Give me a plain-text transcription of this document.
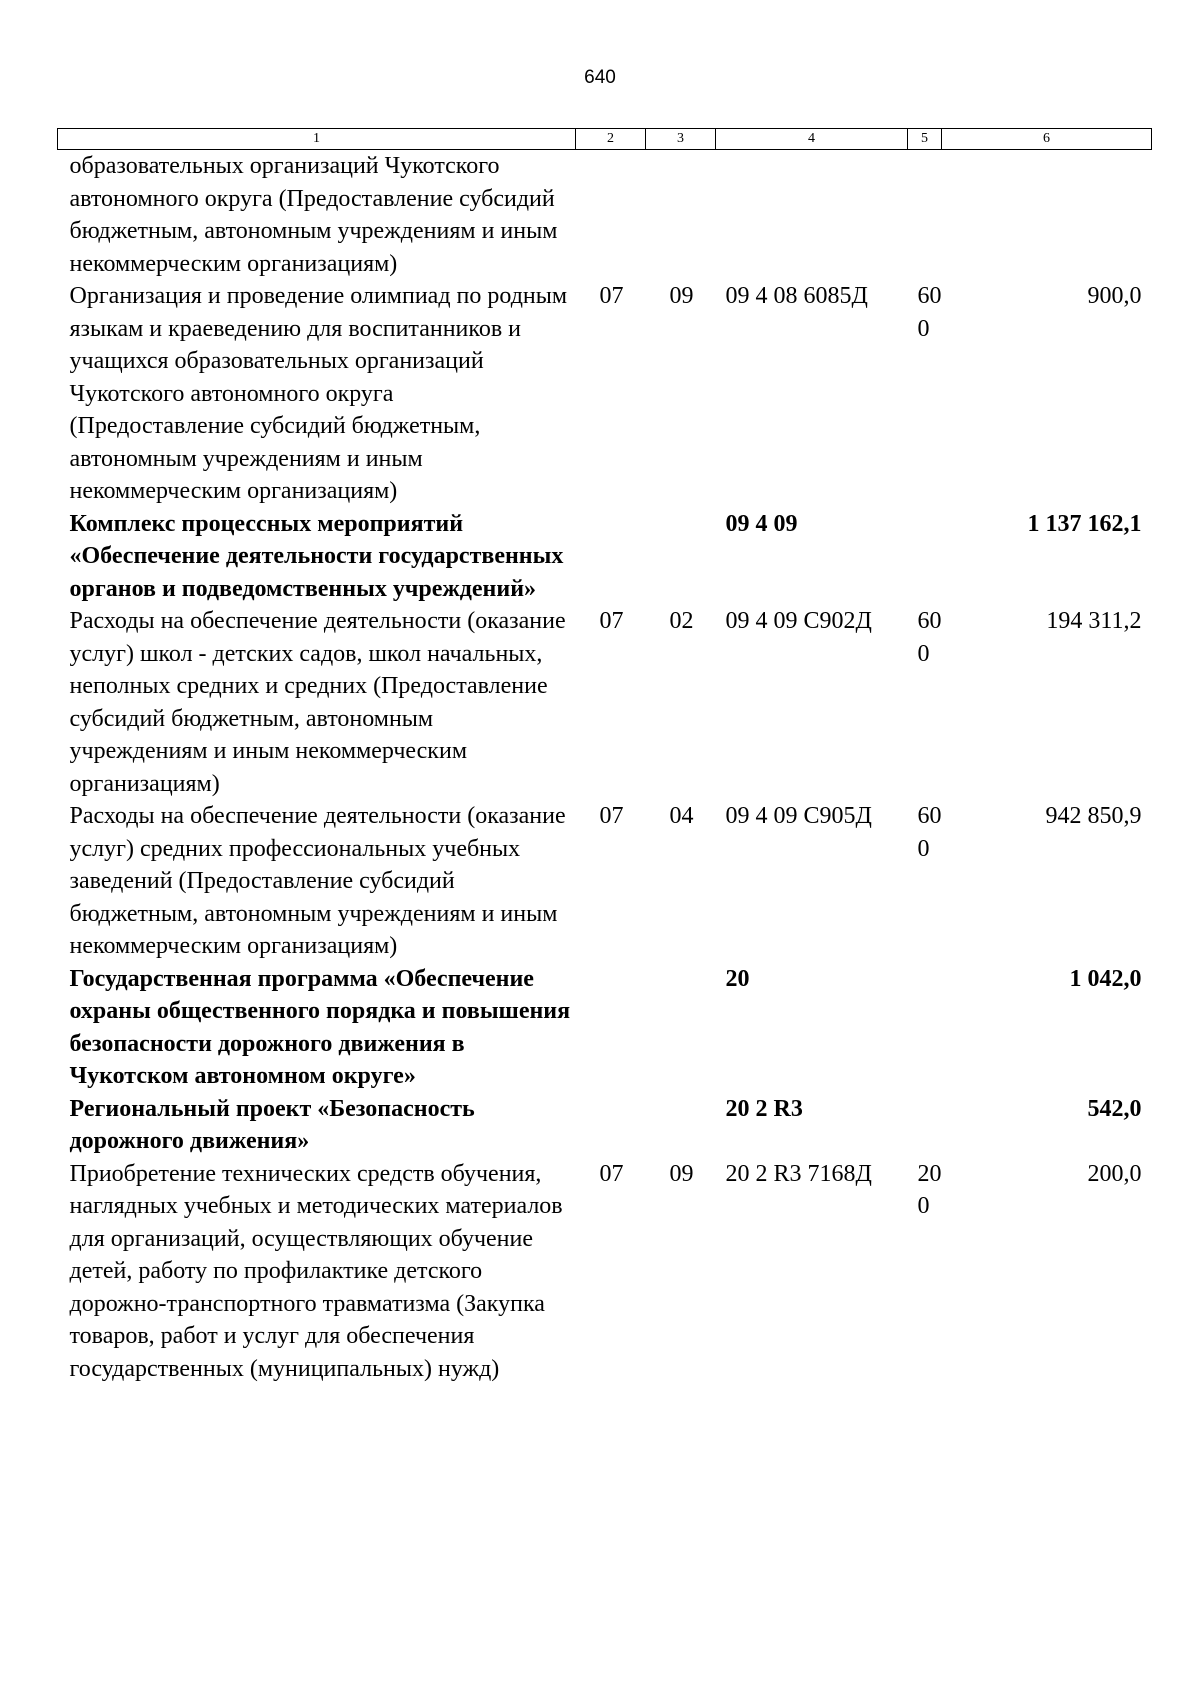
640
1	2	3	4	5	6
образовательных организаций Чукотского автономного округа (Предоставление субсидий бюджетным, автономным учреждениям и иным некоммерческим организациям)					
Организация и проведение олимпиад по родным языкам и краеведению для воспитанников и учащихся образовательных организаций Чукотского автономного округа (Предоставление субсидий бюджетным, автономным учреждениям и иным некоммерческим организациям)	07	09	09 4 08 6085Д	600	900,0
Комплекс процессных мероприятий «Обеспечение деятельности государственных органов и подведомственных учреждений»			09 4 09		1 137 162,1
Расходы на обеспечение деятельности (оказание услуг) школ - детских садов, школ начальных, неполных средних и средних (Предоставление субсидий бюджетным, автономным учреждениям и иным некоммерческим организациям)	07	02	09 4 09 С902Д	600	194 311,2
Расходы на обеспечение деятельности (оказание услуг) средних профессиональных учебных заведений (Предоставление субсидий бюджетным, автономным учреждениям и иным некоммерческим организациям)	07	04	09 4 09 С905Д	600	942 850,9
Государственная программа «Обеспечение охраны общественного порядка и повышения безопасности дорожного движения в Чукотском автономном округе»			20		1 042,0
Региональный проект «Безопасность дорожного движения»			20 2 R3		542,0
Приобретение технических средств обучения, наглядных учебных и методических материалов для организаций, осуществляющих обучение детей, работу по профилактике детского дорожно-транспортного травматизма (Закупка товаров, работ и услуг для обеспечения государственных (муниципальных) нужд)	07	09	20 2 R3 7168Д	200	200,0
